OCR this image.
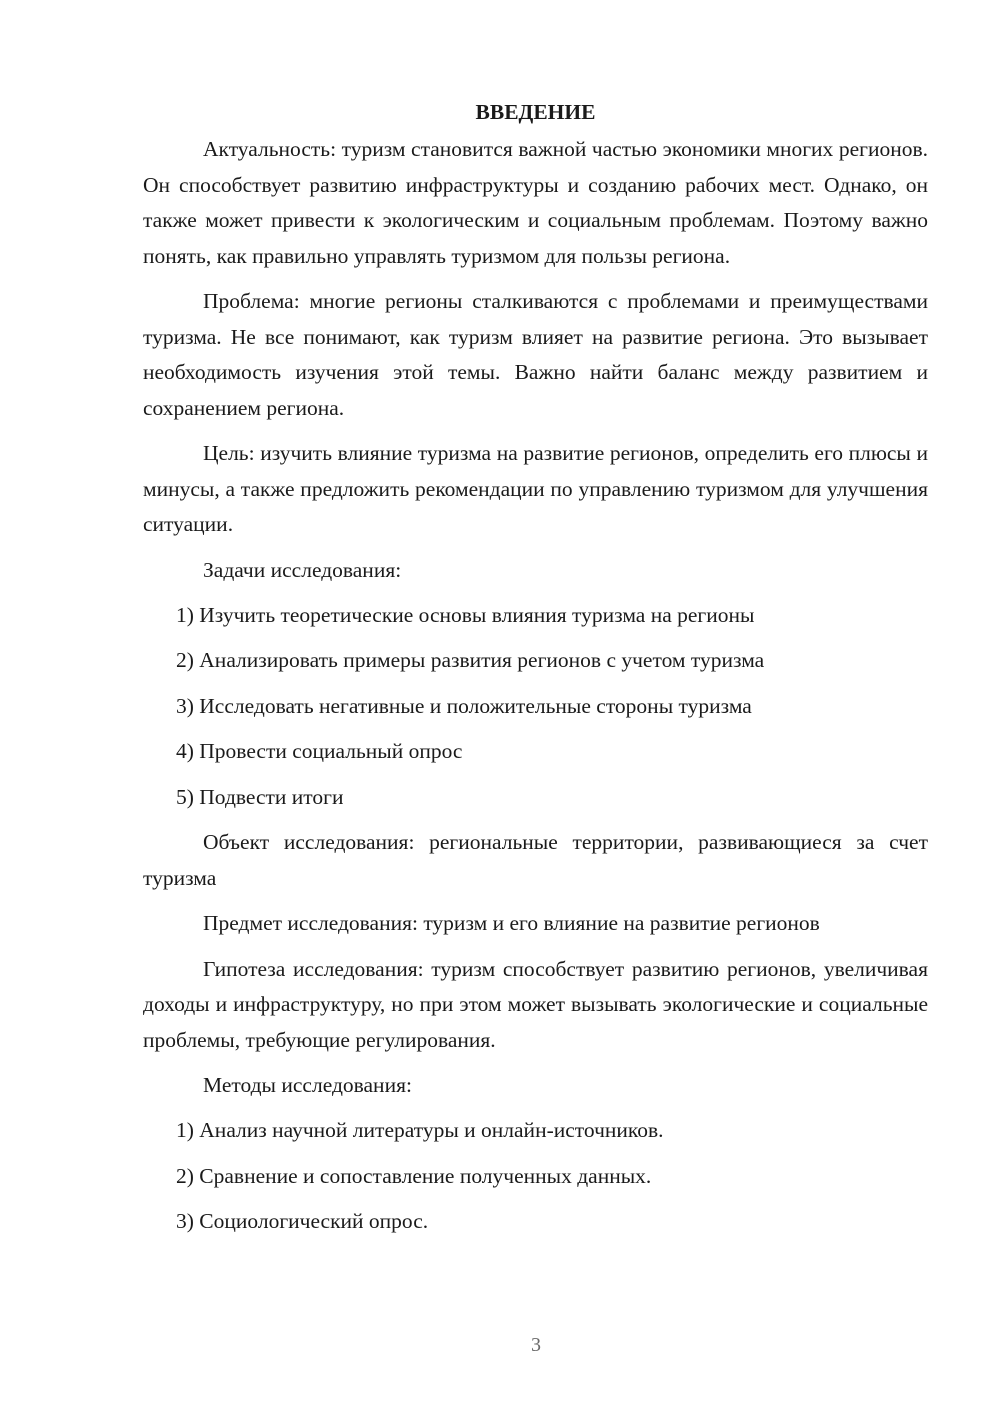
ВВЕДЕНИЕ

Актуальность: туризм становится важной частью экономики многих регионов. Он способствует развитию инфраструктуры и созданию рабочих мест. Однако, он также может привести к экологическим и социальным проблемам. Поэтому важно понять, как правильно управлять туризмом для пользы региона.

Проблема: многие регионы сталкиваются с проблемами и преимуществами туризма. Не все понимают, как туризм влияет на развитие региона. Это вызывает необходимость изучения этой темы. Важно найти баланс между развитием и сохранением региона.

Цель: изучить влияние туризма на развитие регионов, определить его плюсы и минусы, а также предложить рекомендации по управлению туризмом для улучшения ситуации.

Задачи исследования:

1) Изучить теоретические основы влияния туризма на регионы

2) Анализировать примеры развития регионов с учетом туризма

3) Исследовать негативные и положительные стороны туризма

4) Провести социальный опрос

5) Подвести итоги

Объект исследования: региональные территории, развивающиеся за счет туризма

Предмет исследования: туризм и его влияние на развитие регионов

Гипотеза исследования: туризм способствует развитию регионов, увеличивая доходы и инфраструктуру, но при этом может вызывать экологические и социальные проблемы, требующие регулирования.

Методы исследования:

1) Анализ научной литературы и онлайн-источников.

2) Сравнение и сопоставление полученных данных.

3) Социологический опрос.

3
